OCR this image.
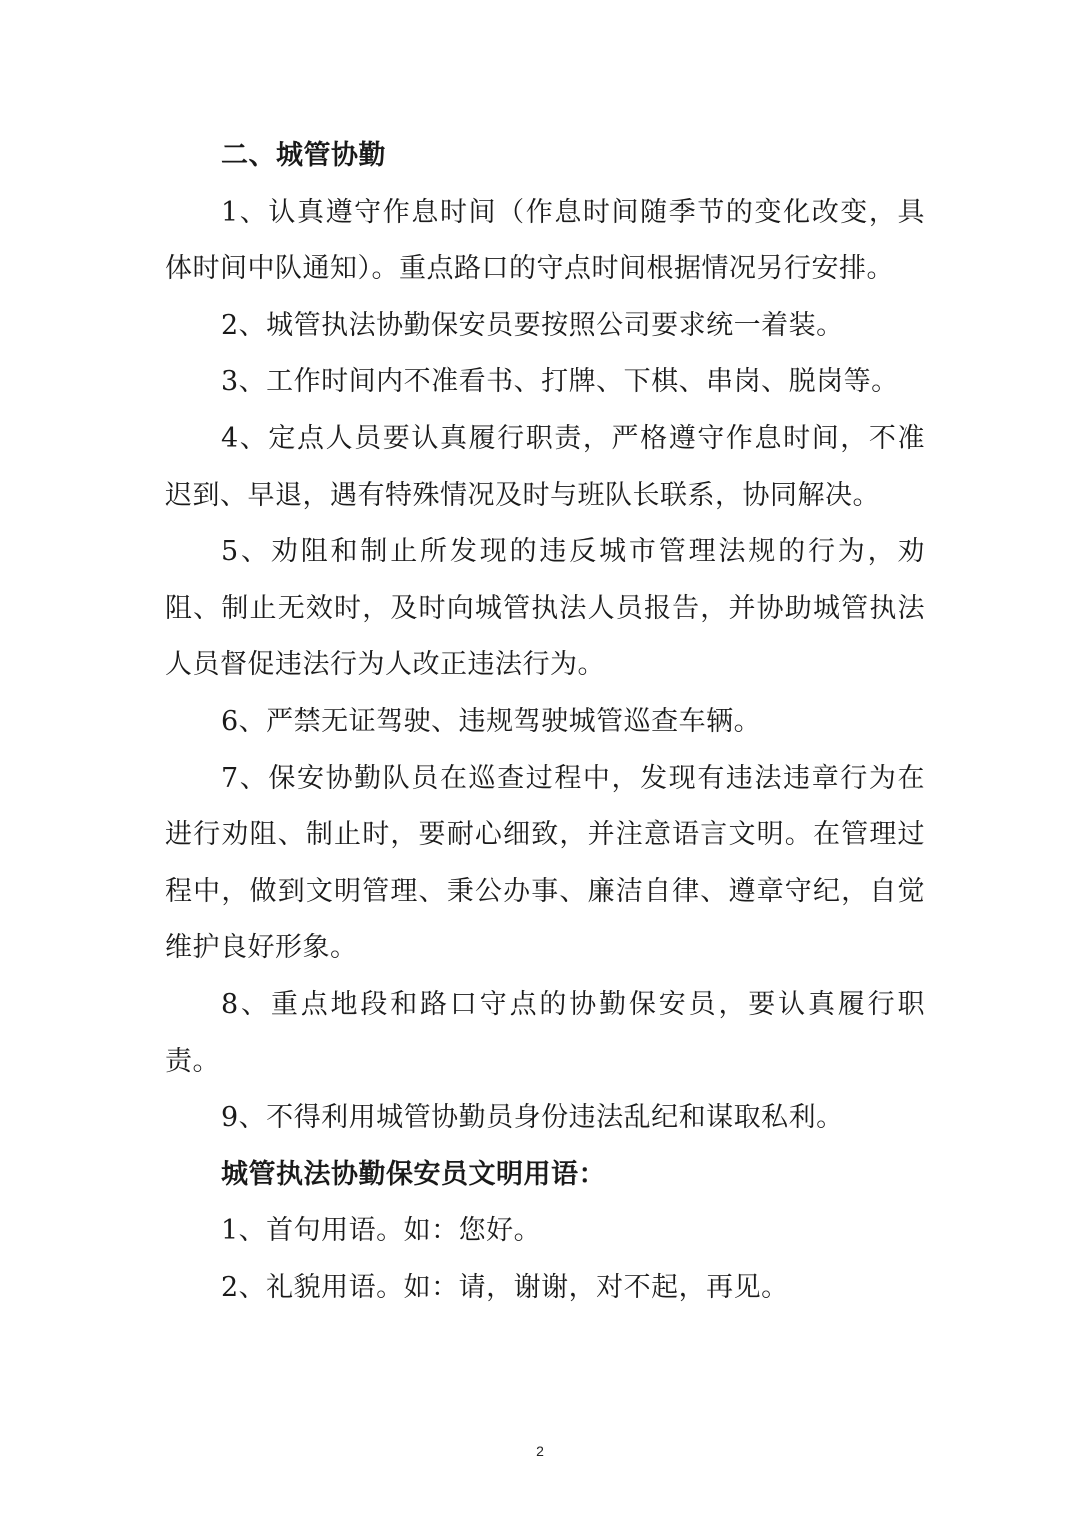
二、城管协勤

1、认真遵守作息时间（作息时间随季节的变化改变，具体时间中队通知）。重点路口的守点时间根据情况另行安排。

2、城管执法协勤保安员要按照公司要求统一着装。

3、工作时间内不准看书、打牌、下棋、串岗、脱岗等。

4、定点人员要认真履行职责，严格遵守作息时间，不准迟到、早退，遇有特殊情况及时与班队长联系，协同解决。

5、劝阻和制止所发现的违反城市管理法规的行为，劝阻、制止无效时，及时向城管执法人员报告，并协助城管执法人员督促违法行为人改正违法行为。

6、严禁无证驾驶、违规驾驶城管巡查车辆。

7、保安协勤队员在巡查过程中，发现有违法违章行为在进行劝阻、制止时，要耐心细致，并注意语言文明。在管理过程中，做到文明管理、秉公办事、廉洁自律、遵章守纪，自觉维护良好形象。

8、重点地段和路口守点的协勤保安员，要认真履行职责。

9、不得利用城管协勤员身份违法乱纪和谋取私利。

城管执法协勤保安员文明用语：

1、首句用语。如：您好。

2、礼貌用语。如：请，谢谢，对不起，再见。

2
